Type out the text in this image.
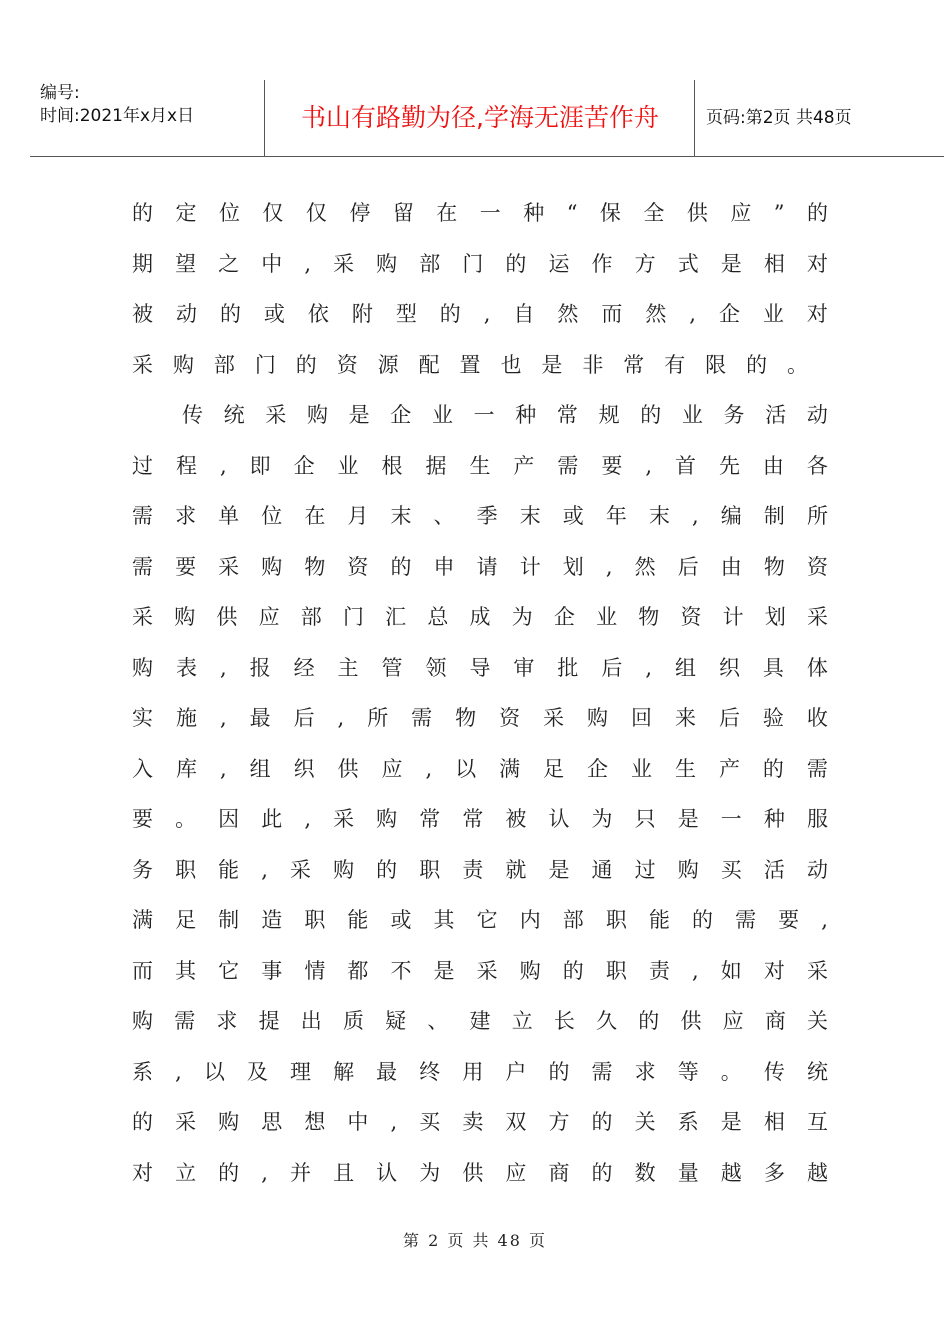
编号:
时间:2021年x月x日	书山有路勤为径,学海无涯苦作舟	页码:第2页 共48页
的 定 位 仅 仅 停 留 在 一 种 “ 保 全 供 应 ” 的
期 望 之 中 , 采 购 部 门 的 运 作 方 式 是 相 对
被 动 的 或 依 附 型 的 , 自 然 而 然 , 企 业 对
采 购 部 门 的 资 源 配 置 也 是 非 常 有 限 的 。
传 统 采 购 是 企 业 一 种 常 规 的 业 务 活 动
过 程 , 即 企 业 根 据 生 产 需 要 , 首 先 由 各
需 求 单 位 在 月 末 、 季 末 或 年 末 , 编 制 所
需 要 采 购 物 资 的 申 请 计 划 , 然 后 由 物 资
采 购 供 应 部 门 汇 总 成 为 企 业 物 资 计 划 采
购 表 , 报 经 主 管 领 导 审 批 后 , 组 织 具 体
实 施 , 最 后 , 所 需 物 资 采 购 回 来 后 验 收
入 库 , 组 织 供 应 , 以 满 足 企 业 生 产 的 需
要 。 因 此 , 采 购 常 常 被 认 为 只 是 一 种 服
务 职 能 , 采 购 的 职 责 就 是 通 过 购 买 活 动
满 足 制 造 职 能 或 其 它 内 部 职 能 的 需 要 ,
而 其 它 事 情 都 不 是 采 购 的 职 责 , 如 对 采
购 需 求 提 出 质 疑 、 建 立 长 久 的 供 应 商 关
系 , 以 及 理 解 最 终 用 户 的 需 求 等 。 传 统
的 采 购 思 想 中 , 买 卖 双 方 的 关 系 是 相 互
对 立 的 , 并 且 认 为 供 应 商 的 数 量 越 多 越
第 2 页 共 48 页
